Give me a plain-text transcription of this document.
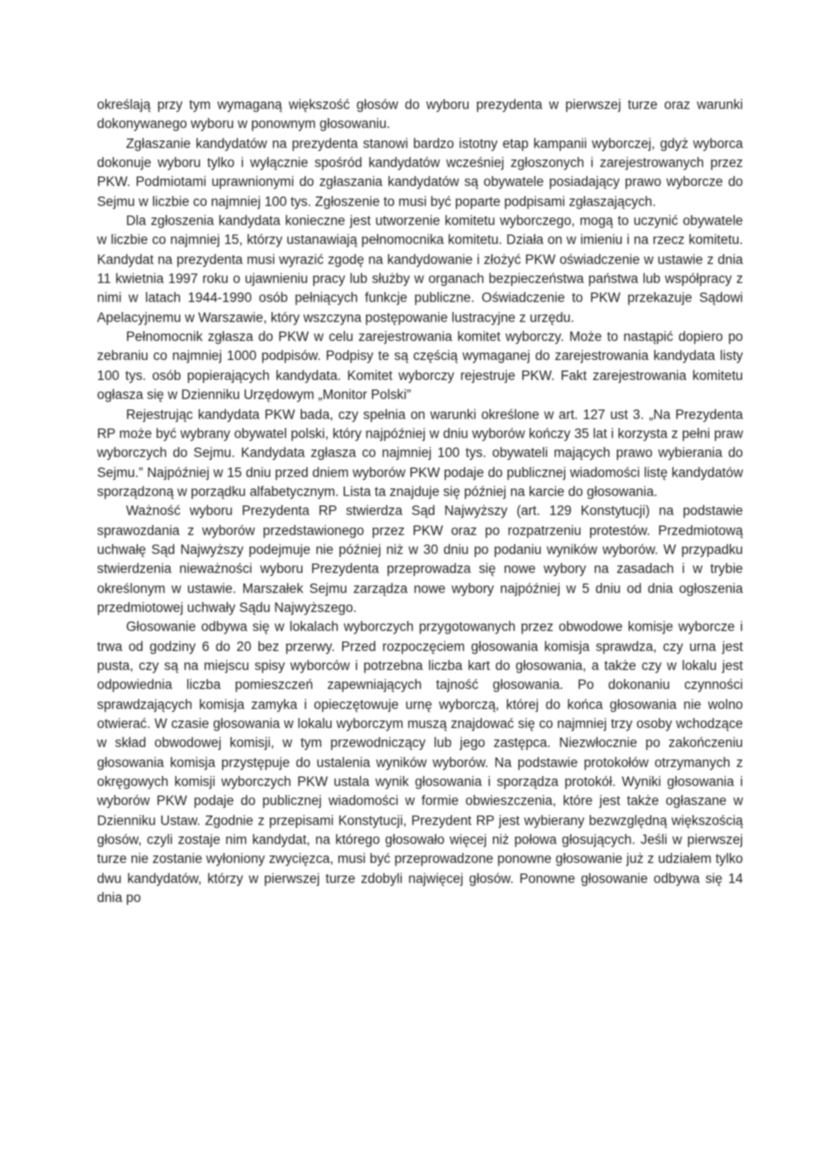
określają przy tym wymaganą większość głosów do wyboru prezydenta w pierwszej turze oraz warunki dokonywanego wyboru w ponownym głosowaniu.

Zgłaszanie kandydatów na prezydenta stanowi bardzo istotny etap kampanii wyborczej, gdyż wyborca dokonuje wyboru tylko i wyłącznie spośród kandydatów wcześniej zgłoszonych i zarejestrowanych przez PKW. Podmiotami uprawnionymi do zgłaszania kandydatów są obywatele posiadający prawo wyborcze do Sejmu w liczbie co najmniej 100 tys. Zgłoszenie to musi być poparte podpisami zgłaszających.

Dla zgłoszenia kandydata konieczne jest utworzenie komitetu wyborczego, mogą to uczynić obywatele w liczbie co najmniej 15, którzy ustanawiają pełnomocnika komitetu. Działa on w imieniu i na rzecz komitetu. Kandydat na prezydenta musi wyrazić zgodę na kandydowanie i złożyć PKW oświadczenie w ustawie z dnia 11 kwietnia 1997 roku o ujawnieniu pracy lub służby w organach bezpieczeństwa państwa lub współpracy z nimi w latach 1944-1990 osób pełniących funkcje publiczne. Oświadczenie to PKW przekazuje Sądowi Apelacyjnemu w Warszawie, który wszczyna postępowanie lustracyjne z urzędu.

Pełnomocnik zgłasza do PKW w celu zarejestrowania komitet wyborczy. Może to nastąpić dopiero po zebraniu co najmniej 1000 podpisów. Podpisy te są częścią wymaganej do zarejestrowania kandydata listy 100 tys. osób popierających kandydata. Komitet wyborczy rejestruje PKW. Fakt zarejestrowania komitetu ogłasza się w Dzienniku Urzędowym „Monitor Polski”

Rejestrując kandydata PKW bada, czy spełnia on warunki określone w art. 127 ust 3. „Na Prezydenta RP może być wybrany obywatel polski, który najpóźniej w dniu wyborów kończy 35 lat i korzysta z pełni praw wyborczych do Sejmu. Kandydata zgłasza co najmniej 100 tys. obywateli mających prawo wybierania do Sejmu.” Najpóźniej w 15 dniu przed dniem wyborów PKW podaje do publicznej wiadomości listę kandydatów sporządzoną w porządku alfabetycznym. Lista ta znajduje się później na karcie do głosowania.

Ważność wyboru Prezydenta RP stwierdza Sąd Najwyższy (art. 129 Konstytucji) na podstawie sprawozdania z wyborów przedstawionego przez PKW oraz po rozpatrzeniu protestów. Przedmiotową uchwałę Sąd Najwyższy podejmuje nie później niż w 30 dniu po podaniu wyników wyborów. W przypadku stwierdzenia nieważności wyboru Prezydenta przeprowadza się nowe wybory na zasadach i w trybie określonym w ustawie. Marszałek Sejmu zarządza nowe wybory najpóźniej w 5 dniu od dnia ogłoszenia przedmiotowej uchwały Sądu Najwyższego.

Głosowanie odbywa się w lokalach wyborczych przygotowanych przez obwodowe komisje wyborcze i trwa od godziny 6 do 20 bez przerwy. Przed rozpoczęciem głosowania komisja sprawdza, czy urna jest pusta, czy są na miejscu spisy wyborców i potrzebna liczba kart do głosowania, a także czy w lokalu jest odpowiednia liczba pomieszczeń zapewniających tajność głosowania. Po dokonaniu czynności sprawdzających komisja zamyka i opieczętowuje urnę wyborczą, której do końca głosowania nie wolno otwierać. W czasie głosowania w lokalu wyborczym muszą znajdować się co najmniej trzy osoby wchodzące w skład obwodowej komisji, w tym przewodniczący lub jego zastępca. Niezwłocznie po zakończeniu głosowania komisja przystępuje do ustalenia wyników wyborów. Na podstawie protokołów otrzymanych z okręgowych komisji wyborczych PKW ustala wynik głosowania i sporządza protokół. Wyniki głosowania i wyborów PKW podaje do publicznej wiadomości w formie obwieszczenia, które jest także ogłaszane w Dzienniku Ustaw. Zgodnie z przepisami Konstytucji, Prezydent RP jest wybierany bezwzględną większością głosów, czyli zostaje nim kandydat, na którego głosowało więcej niż połowa głosujących. Jeśli w pierwszej turze nie zostanie wyłoniony zwycięzca, musi być przeprowadzone ponowne głosowanie już z udziałem tylko dwu kandydatów, którzy w pierwszej turze zdobyli najwięcej głosów. Ponowne głosowanie odbywa się 14 dnia po
